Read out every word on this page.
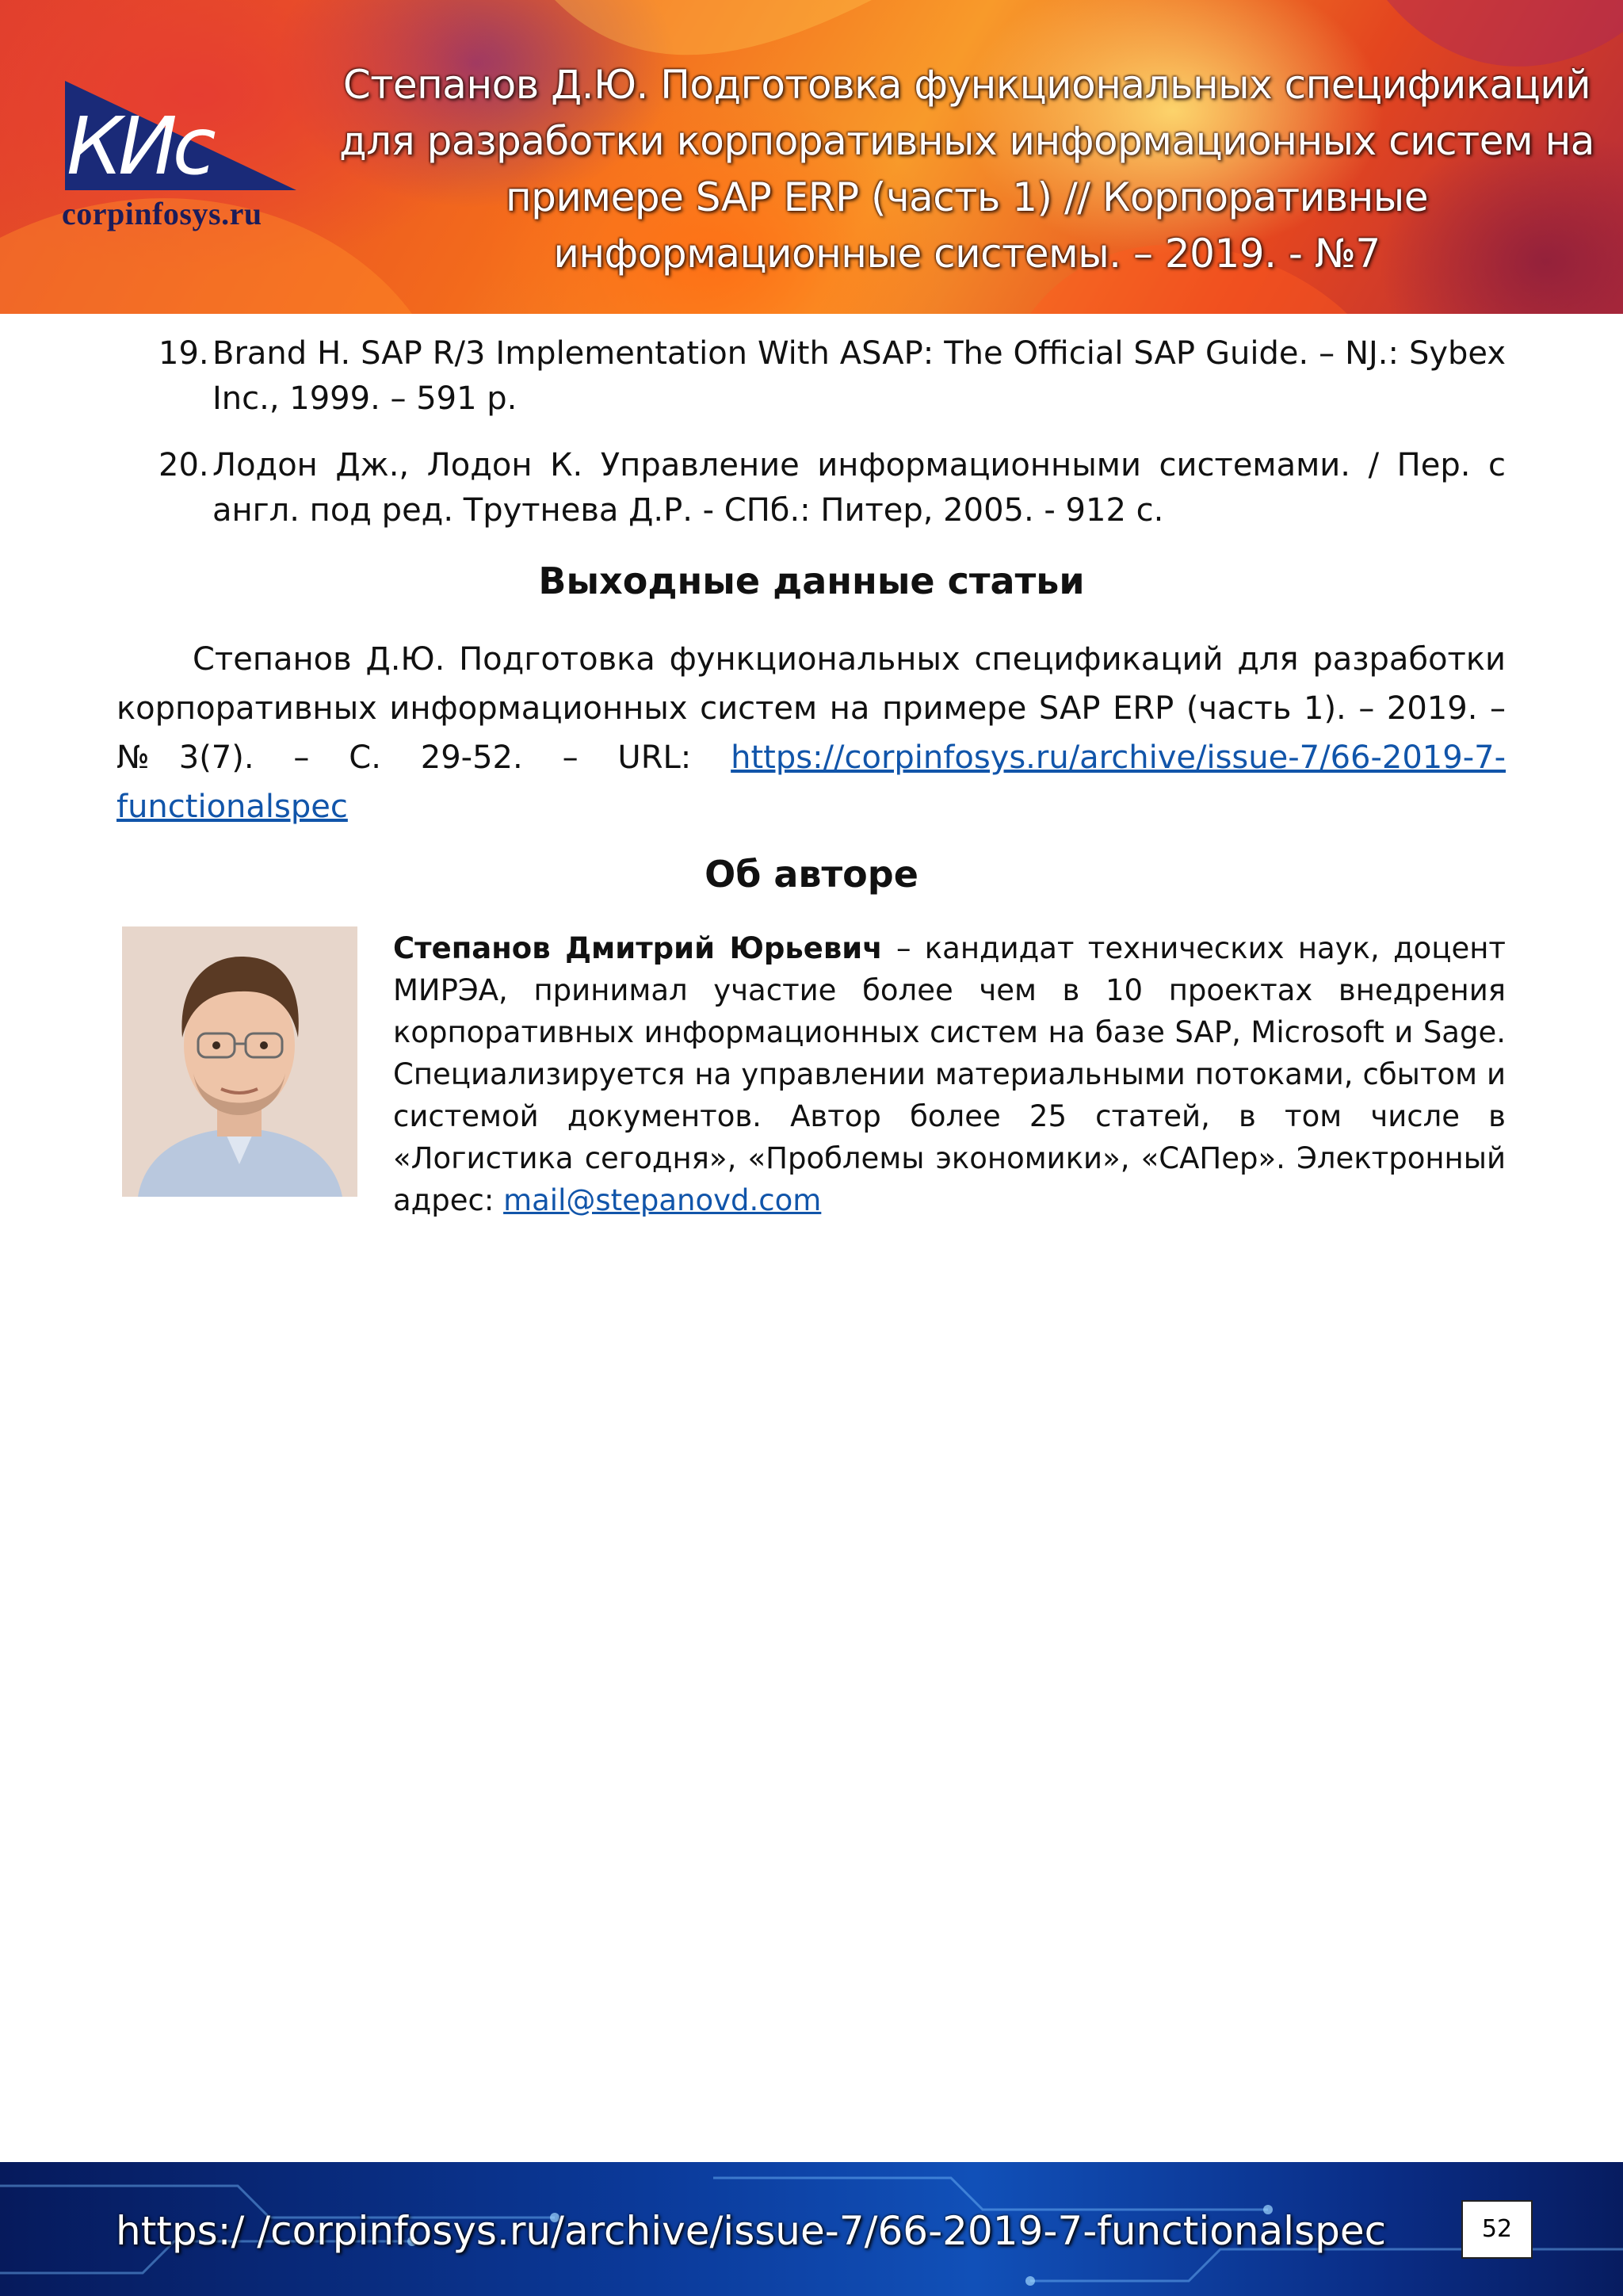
КИс
corpinfosys.ru
Степанов Д.Ю. Подготовка функциональных спецификаций для разработки корпоративных информационных систем на примере SAP ERP (часть 1) // Корпоративные информационные системы. – 2019. - №7
19. Brand H. SAP R/3 Implementation With ASAP: The Official SAP Guide. – NJ.: Sybex Inc., 1999. – 591 p.
20. Лодон Дж., Лодон К. Управление информационными системами. / Пер. с англ. под ред. Трутнева Д.Р. - СПб.: Питер, 2005. - 912 с.
Выходные данные статьи
Степанов Д.Ю. Подготовка функциональных спецификаций для разработки корпоративных информационных систем на примере SAP ERP (часть 1). – 2019. – №3(7). – С. 29-52. – URL: https://corpinfosys.ru/archive/issue-7/66-2019-7-functionalspec
Об авторе
Степанов Дмитрий Юрьевич – кандидат технических наук, доцент МИРЭА, принимал участие более чем в 10 проектах внедрения корпоративных информационных систем на базе SAP, Microsoft и Sage. Специализируется на управлении материальными потоками, сбытом и системой документов. Автор более 25 статей, в том числе в «Логистика сегодня», «Проблемы экономики», «САПер». Электронный адрес: mail@stepanovd.com
https:/ /corpinfosys.ru/archive/issue-7/66-2019-7-functionalspec	52
